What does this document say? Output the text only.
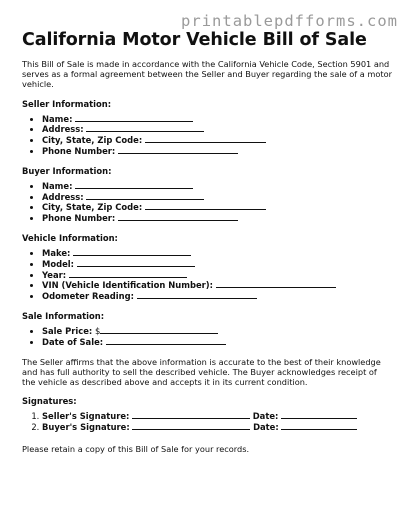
printablepdfforms.com
California Motor Vehicle Bill of Sale

This Bill of Sale is made in accordance with the California Vehicle Code, Section 5901 and serves as a formal agreement between the Seller and Buyer regarding the sale of a motor vehicle.

Seller Information:
• Name:
• Address:
• City, State, Zip Code:
• Phone Number:
Buyer Information:
• Name:
• Address:
• City, State, Zip Code:
• Phone Number:
Vehicle Information:
• Make:
• Model:
• Year:
• VIN (Vehicle Identification Number):
• Odometer Reading:
Sale Information:
• Sale Price: $
• Date of Sale:

The Seller affirms that the above information is accurate to the best of their knowledge and has full authority to sell the described vehicle. The Buyer acknowledges receipt of the vehicle as described above and accepts it in its current condition.

Signatures:
1. Seller's Signature:	Date:
2. Buyer's Signature:	Date:

Please retain a copy of this Bill of Sale for your records.
